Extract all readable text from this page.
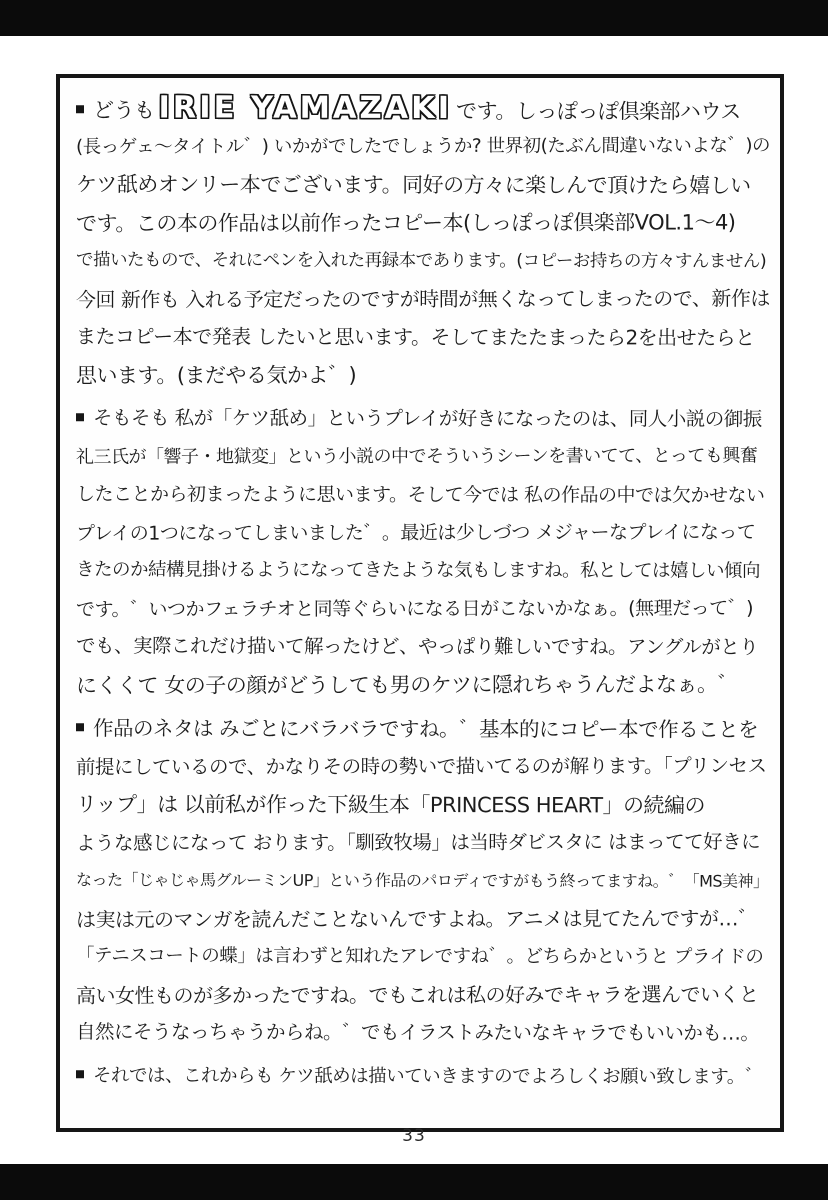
どうも IRIE YAMAZAKI です。しっぽっぽ倶楽部ハウス
(長っゲェ〜タイトル゛) いかがでしたでしょうか? 世界初(たぶん間違いないよな゛)の
ケツ舐めオンリー本でございます。同好の方々に楽しんで頂けたら嬉しい
です。この本の作品は以前作ったコピー本(しっぽっぽ倶楽部VOL.1〜4)
で描いたもので、それにペンを入れた再録本であります。(コピーお持ちの方々すんません)
今回 新作も 入れる予定だったのですが時間が無くなってしまったので、新作は
またコピー本で発表 したいと思います。そしてまたたまったら2を出せたらと
思います。(まだやる気かよ゛)
そもそも 私が「ケツ舐め」というプレイが好きになったのは、同人小説の御振
礼三氏が「響子・地獄変」という小説の中でそういうシーンを書いてて、とっても興奮
したことから初まったように思います。そして今では 私の作品の中では欠かせない
プレイの1つになってしまいました゛。最近は少しづつ メジャーなプレイになって
きたのか結構見掛けるようになってきたような気もしますね。私としては嬉しい傾向
です。゛いつかフェラチオと同等ぐらいになる日がこないかなぁ。(無理だって゛)
でも、実際これだけ描いて解ったけど、やっぱり難しいですね。アングルがとり
にくくて 女の子の顔がどうしても男のケツに隠れちゃうんだよなぁ。゛
作品のネタは みごとにバラバラですね。゛基本的にコピー本で作ることを
前提にしているので、かなりその時の勢いで描いてるのが解ります。「プリンセス
リップ」は 以前私が作った下級生本「PRINCESS HEART」の続編の
ような感じになって おります。「馴致牧場」は当時ダビスタに はまってて好きに
なった「じゃじゃ馬グルーミンUP」という作品のパロディですがもう終ってますね。゛「MS美神」
は実は元のマンガを読んだことないんですよね。アニメは見てたんですが…゛
「テニスコートの蝶」は言わずと知れたアレですね゛。どちらかというと プライドの
高い女性ものが多かったですね。でもこれは私の好みでキャラを選んでいくと
自然にそうなっちゃうからね。゛でもイラストみたいなキャラでもいいかも…。
それでは、これからも ケツ舐めは描いていきますのでよろしくお願い致します。゛
33
